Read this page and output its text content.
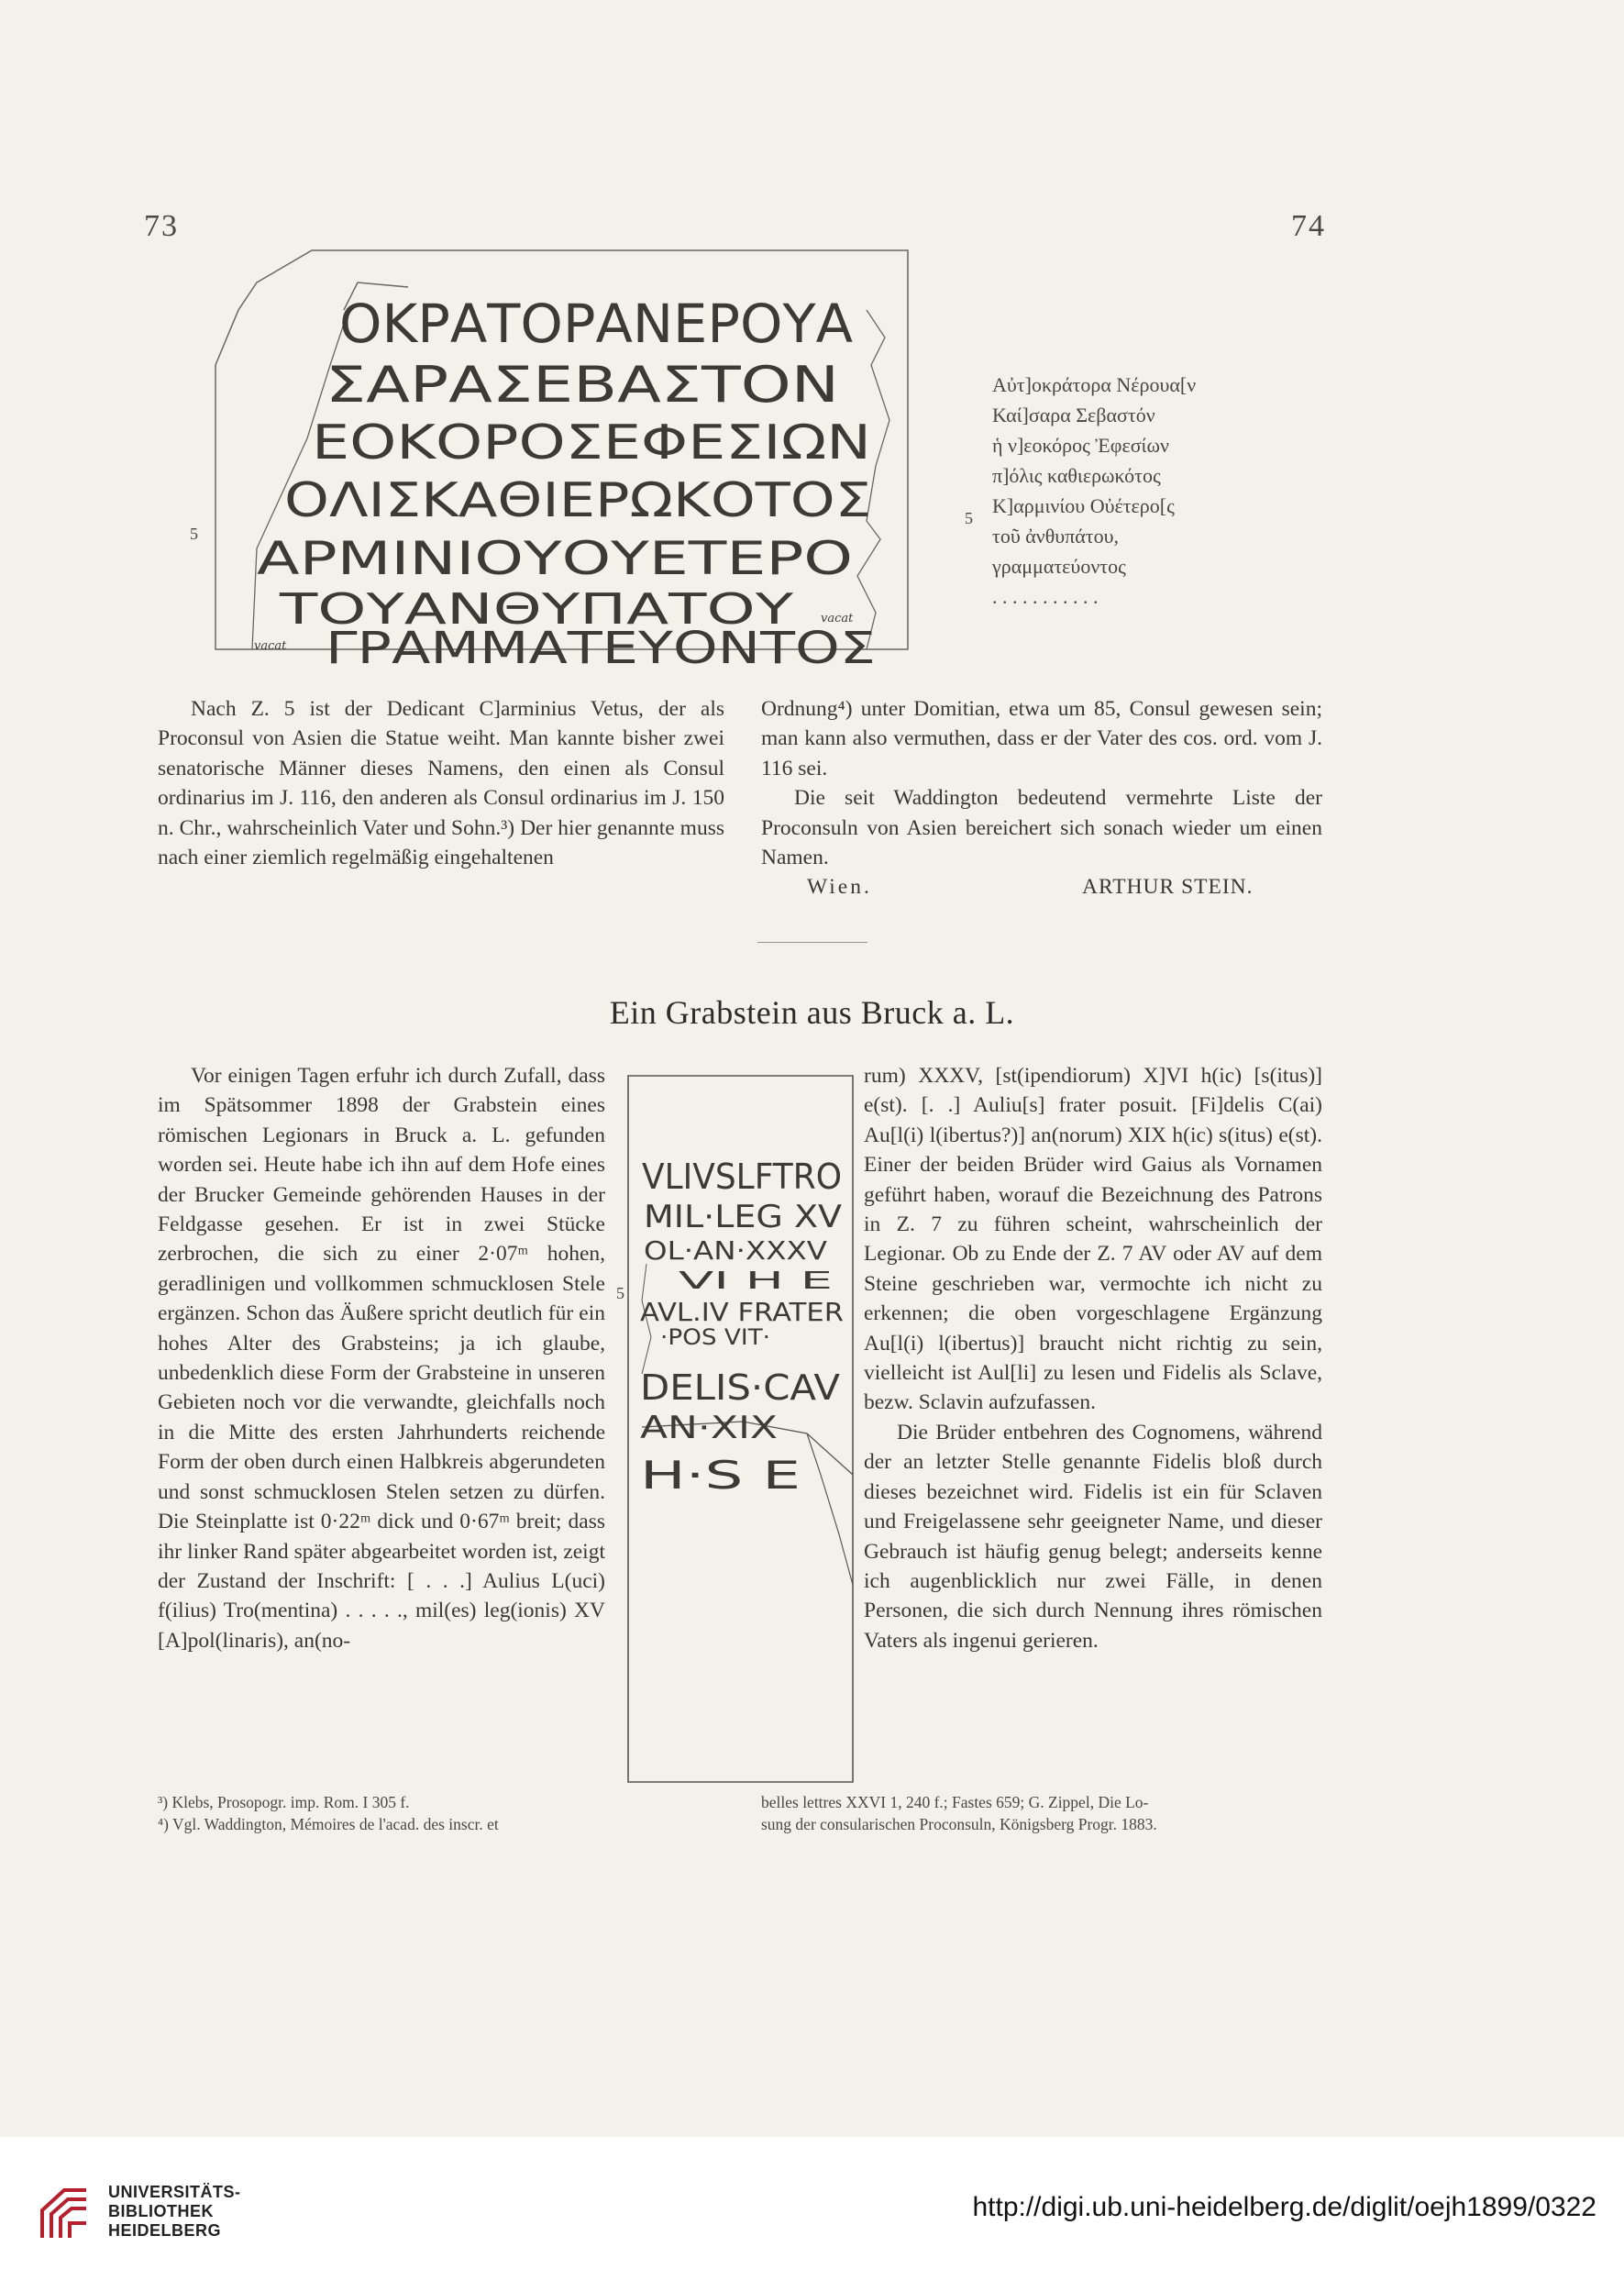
73	74
ΟΚΡΑΤΟΡΑΝΕΡΟΥΑ
ΣΑΡΑΣΕΒΑΣΤΟΝ
ΕΟΚΟΡΟΣΕΦΕΣΙΩΝ
ΟΛΙΣΚΑΘΙΕΡΩΚΟΤΟΣ
ΑΡΜΙΝΙΟΥΟΥΕΤΕΡΟ
ΤΟΥΑΝΘΥΠΑΤΟΥ vacat
vacat ΓΡΑΜΜΑΤΕΥΟΝΤΟΣ
5
Αὐτ]οκράτορα Νέρουα[ν
Καί]σαρα Σεβαστόν
ἡ ν]εοκόρος Ἐφεσίων
π]όλις καθιερωκότος
Κ]αρμινίου Οὐέτερο[ς
τοῦ ἀνθυπάτου,
γραμματεύοντος
. . . . . . . . . . .
5

Nach Z. 5 ist der Dedicant C]arminius Vetus, der als Proconsul von Asien die Statue weiht. Man kannte bisher zwei senatorische Männer dieses Namens, den einen als Consul ordinarius im J. 116, den anderen als Consul ordinarius im J. 150 n. Chr., wahrscheinlich Vater und Sohn.³) Der hier genannte muss nach einer ziemlich regelmäßig eingehaltenen

Ordnung⁴) unter Domitian, etwa um 85, Consul gewesen sein; man kann also vermuthen, dass er der Vater des cos. ord. vom J. 116 sei.

Die seit Waddington bedeutend vermehrte Liste der Proconsuln von Asien bereichert sich sonach wieder um einen Namen.

Wien.	ARTHUR STEIN.
Ein Grabstein aus Bruck a. L.
VLIVSLFTRO
MIL·LEG XV
OL·AN·XXXV
VI H E
AVL.IV FRATER
·POS VIT·
DELIS·CAV
AN·XIX
H·S E
5

Vor einigen Tagen erfuhr ich durch Zufall, dass im Spätsommer 1898 der Grabstein eines römischen Legionars in Bruck a. L. gefunden worden sei. Heute habe ich ihn auf dem Hofe eines der Brucker Gemeinde gehörenden Hauses in der Feldgasse gesehen. Er ist in zwei Stücke zerbrochen, die sich zu einer 2·07ᵐ hohen, geradlinigen und vollkommen schmucklosen Stele ergänzen. Schon das Äußere spricht deutlich für ein hohes Alter des Grabsteins; ja ich glaube, unbedenklich diese Form der Grabsteine in unseren Gebieten noch vor die verwandte, gleichfalls noch in die Mitte des ersten Jahrhunderts reichende Form der oben durch einen Halbkreis abgerundeten und sonst schmucklosen Stelen setzen zu dürfen. Die Steinplatte ist 0·22ᵐ dick und 0·67ᵐ breit; dass ihr linker Rand später abgearbeitet worden ist, zeigt der Zustand der Inschrift: [ . . .] Aulius L(uci) f(ilius) Tro(mentina) . . . . ., mil(es) leg(ionis) XV [A]pol(linaris), an(no-

rum) XXXV, [st(ipendiorum) X]VI h(ic) [s(itus)] e(st). [. .] Auliu[s] frater posuit. [Fi]delis C(ai) Au[l(i) l(ibertus?)] an(norum) XIX h(ic) s(itus) e(st). Einer der beiden Brüder wird Gaius als Vornamen geführt haben, worauf die Bezeichnung des Patrons in Z. 7 zu führen scheint, wahrscheinlich der Legionar. Ob zu Ende der Z. 7 AV oder AV auf dem Steine geschrieben war, vermochte ich nicht zu erkennen; die oben vorgeschlagene Ergänzung Au[l(i) l(ibertus)] braucht nicht richtig zu sein, vielleicht ist Aul[li] zu lesen und Fidelis als Sclave, bezw. Sclavin aufzufassen.

Die Brüder entbehren des Cognomens, während der an letzter Stelle genannte Fidelis bloß durch dieses bezeichnet wird. Fidelis ist ein für Sclaven und Freigelassene sehr geeigneter Name, und dieser Gebrauch ist häufig genug belegt; anderseits kenne ich augenblicklich nur zwei Fälle, in denen Personen, die sich durch Nennung ihres römischen Vaters als ingenui gerieren.

³) Klebs, Prosopogr. imp. Rom. I 305 f.
⁴) Vgl. Waddington, Mémoires de l'acad. des inscr. et
belles lettres XXVI 1, 240 f.; Fastes 659; G. Zippel, Die Lo-
sung der consularischen Proconsuln, Königsberg Progr. 1883.
UNIVERSITÄTS-
BIBLIOTHEK
HEIDELBERG
http://digi.ub.uni-heidelberg.de/diglit/oejh1899/0322
